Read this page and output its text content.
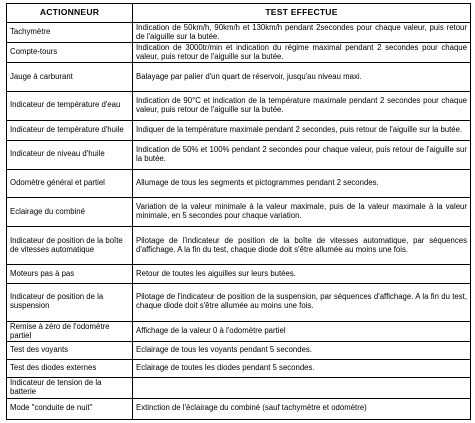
ACTIONNEUR	TEST EFFECTUE
Tachymètre	Indication de 50km/h, 90km/h et 130km/h pendant 2secondes pour chaque valeur, puis retour de l'aiguille sur la butée.
Compte-tours	Indication de 3000tr/min et indication du régime maximal pendant 2 secondes pour chaque valeur, puis retour de l'aiguille sur la butée.
Jauge à carburant	Balayage par palier d'un quart de réservoir, jusqu'au niveau maxi.
Indicateur de température d'eau	Indication de 90°C et indication de la température maximale pendant 2 secondes pour chaque valeur, puis retour de l'aiguille sur la butée.
Indicateur de température d'huile	Indiquer de la température maximale pendant 2 secondes, puis retour de l'aiguille sur la butée.
Indicateur de niveau d'huile	Indication de 50% et 100% pendant 2 secondes pour chaque valeur, puis retour de l'aiguille sur la butée.
Odomètre général et partiel	Allumage de tous les segments et pictogrammes pendant 2 secondes.
Eclairage du combiné	Variation de la valeur minimale à la valeur maximale, puis de la valeur maximale à la valeur minimale, en 5 secondes pour chaque variation.
Indicateur de position de la boîte de vitesses automatique	Pilotage de l'indicateur de position de la boîte de vitesses automatique, par séquences d'affichage. A la fin du test, chaque diode doit s'être allumée au moins une fois.
Moteurs pas à pas	Retour de toutes les aiguilles sur leurs butées.
Indicateur de position de la suspension	Pilotage de l'indicateur de position de la suspension, par séquences d'affichage. A la fin du test, chaque diode doit s'être allumée au moins une fois.
Remise à zéro de l'odomètre partiel	Affichage de la valeur 0 à l'odomètre partiel
Test des voyants	Eclairage de tous les voyants pendant 5 secondes.
Test des diodes externes	Eclairage de toutes les diodes pendant 5 secondes.
Indicateur de tension de la batterie	
Mode "conduite de nuit"	Extinction de l'éclairage du combiné (sauf tachymètre et odomètre)
